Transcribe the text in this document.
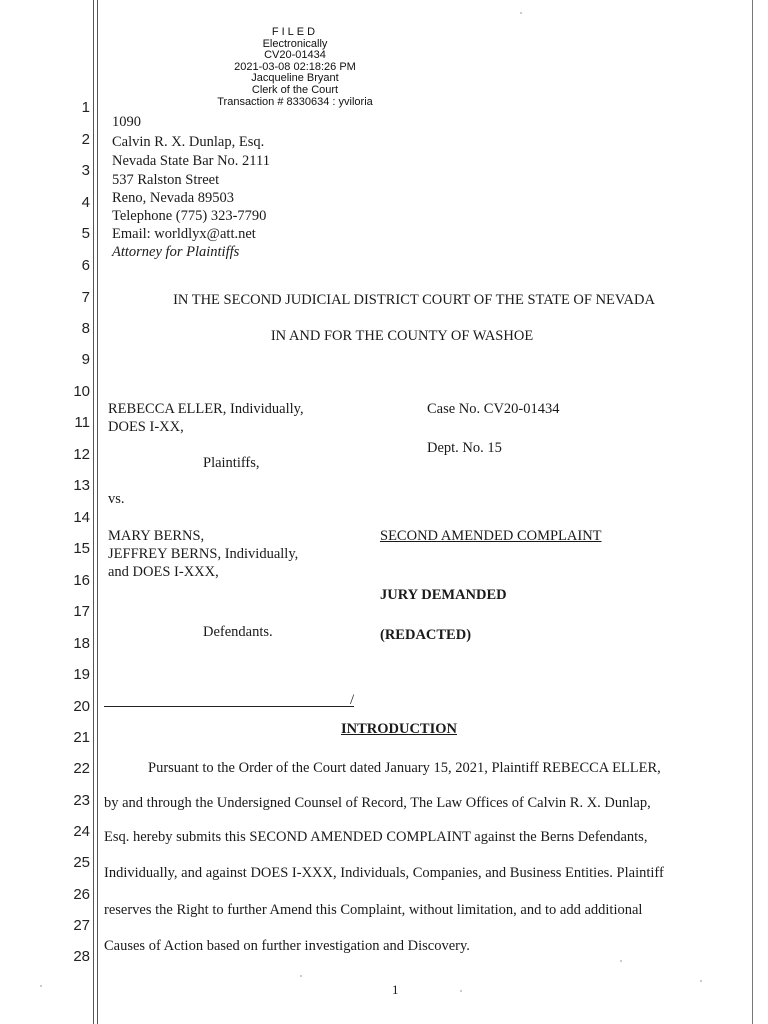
FILED
Electronically
CV20-01434
2021-03-08 02:18:26 PM
Jacqueline Bryant
Clerk of the Court
Transaction # 8330634 : yviloria
1
2
3
4
5
6
7
8
9
10
11
12
13
14
15
16
17
18
19
20
21
22
23
24
25
26
27
28
1090
Calvin R. X. Dunlap, Esq.
Nevada State Bar No. 2111
537 Ralston Street
Reno, Nevada 89503
Telephone (775) 323-7790
Email: worldlyx@att.net
Attorney for Plaintiffs
IN THE SECOND JUDICIAL DISTRICT COURT OF THE STATE OF NEVADA
IN AND FOR THE COUNTY OF WASHOE
REBECCA ELLER, Individually,
DOES I-XX,
Plaintiffs,
vs.
MARY BERNS,
JEFFREY BERNS, Individually,
and DOES I-XXX,
Defendants.
Case No. CV20-01434
Dept. No. 15
SECOND AMENDED COMPLAINT
JURY DEMANDED
(REDACTED)
/
INTRODUCTION
Pursuant to the Order of the Court dated January 15, 2021, Plaintiff REBECCA ELLER,
by and through the Undersigned Counsel of Record, The Law Offices of Calvin R. X. Dunlap,
Esq. hereby submits this SECOND AMENDED COMPLAINT against the Berns Defendants,
Individually, and against DOES I-XXX, Individuals, Companies, and Business Entities. Plaintiff
reserves the Right to further Amend this Complaint, without limitation, and to add additional
Causes of Action based on further investigation and Discovery.
1
